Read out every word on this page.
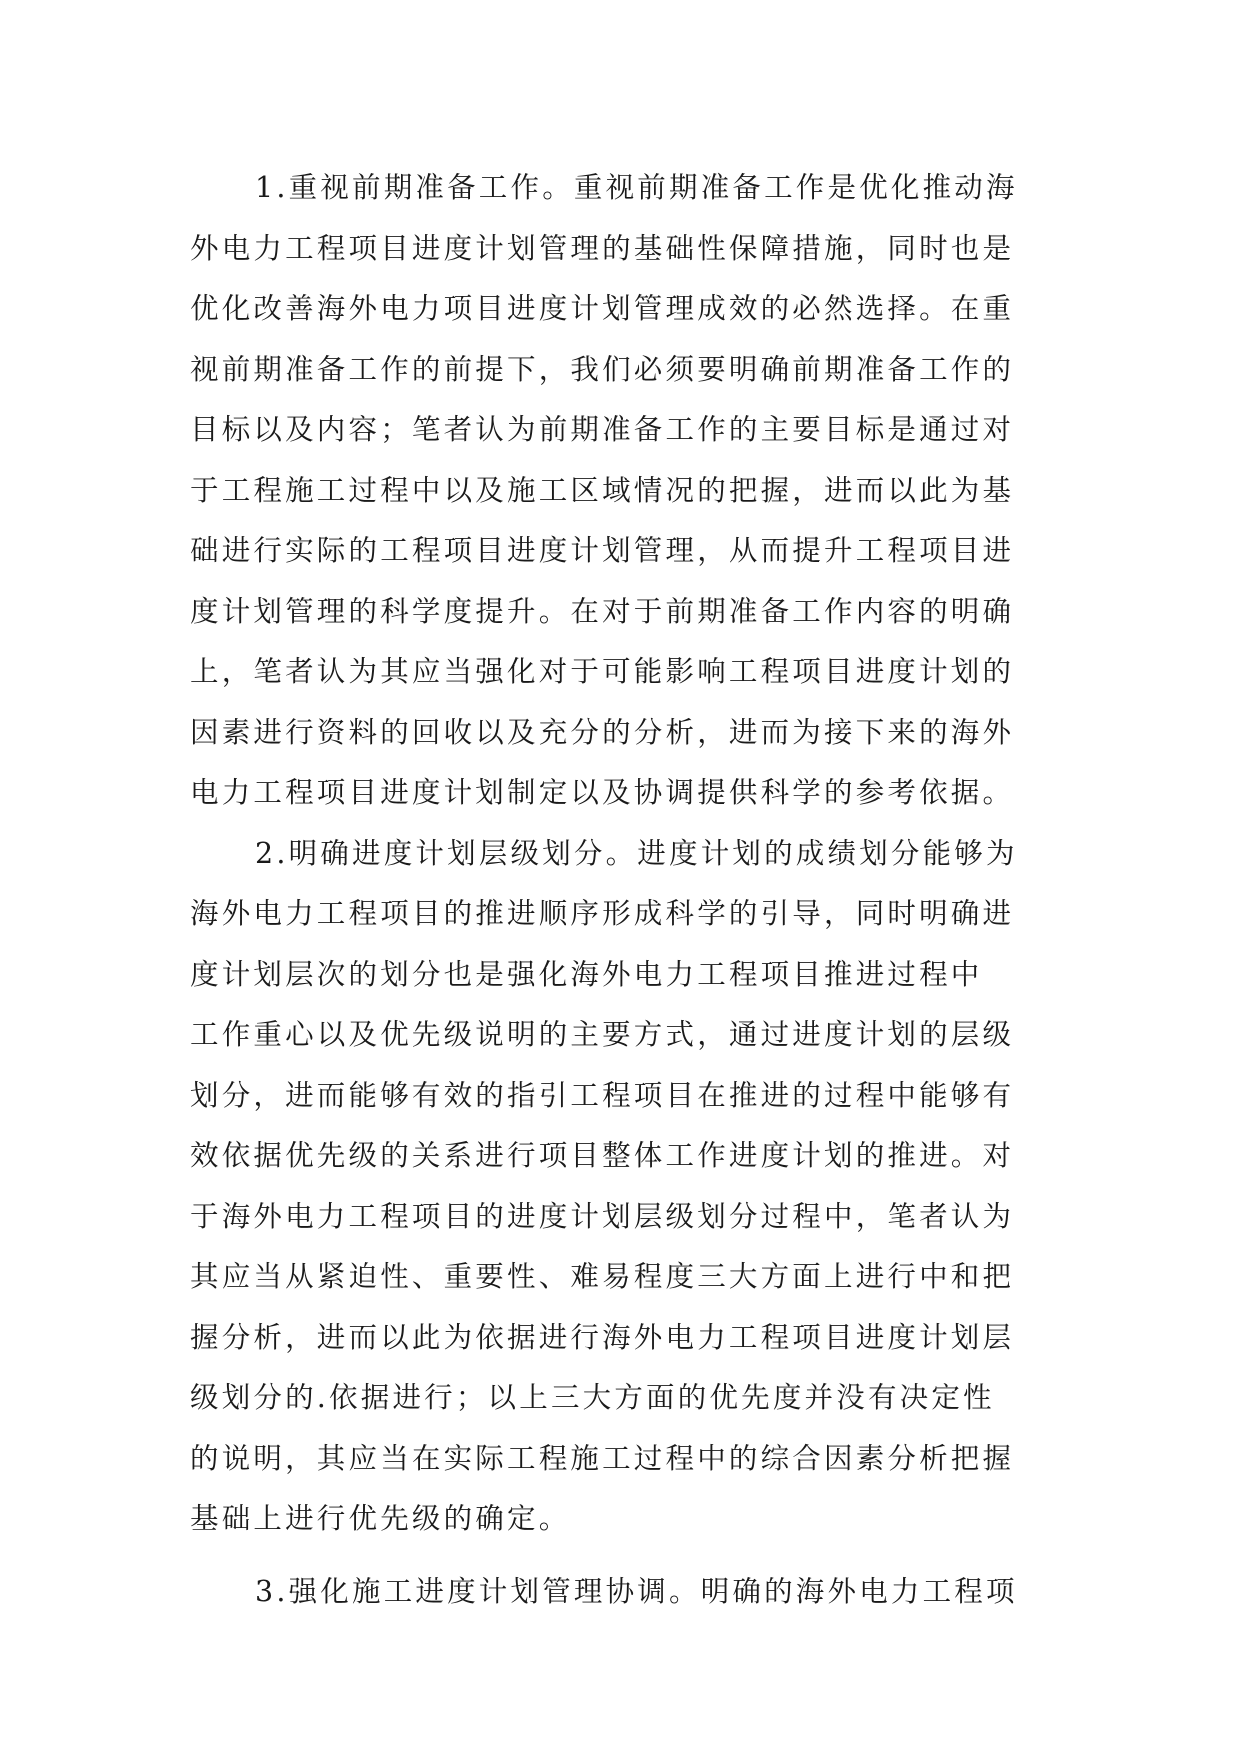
1.重视前期准备工作。重视前期准备工作是优化推动海
外电力工程项目进度计划管理的基础性保障措施，同时也是
优化改善海外电力项目进度计划管理成效的必然选择。在重
视前期准备工作的前提下，我们必须要明确前期准备工作的
目标以及内容；笔者认为前期准备工作的主要目标是通过对
于工程施工过程中以及施工区域情况的把握，进而以此为基
础进行实际的工程项目进度计划管理，从而提升工程项目进
度计划管理的科学度提升。在对于前期准备工作内容的明确
上，笔者认为其应当强化对于可能影响工程项目进度计划的
因素进行资料的回收以及充分的分析，进而为接下来的海外
电力工程项目进度计划制定以及协调提供科学的参考依据。
2.明确进度计划层级划分。进度计划的成绩划分能够为
海外电力工程项目的推进顺序形成科学的引导，同时明确进
度计划层次的划分也是强化海外电力工程项目推进过程中
工作重心以及优先级说明的主要方式，通过进度计划的层级
划分，进而能够有效的指引工程项目在推进的过程中能够有
效依据优先级的关系进行项目整体工作进度计划的推进。对
于海外电力工程项目的进度计划层级划分过程中，笔者认为
其应当从紧迫性、重要性、难易程度三大方面上进行中和把
握分析，进而以此为依据进行海外电力工程项目进度计划层
级划分的.依据进行；以上三大方面的优先度并没有决定性
的说明，其应当在实际工程施工过程中的综合因素分析把握
基础上进行优先级的确定。
3.强化施工进度计划管理协调。明确的海外电力工程项
